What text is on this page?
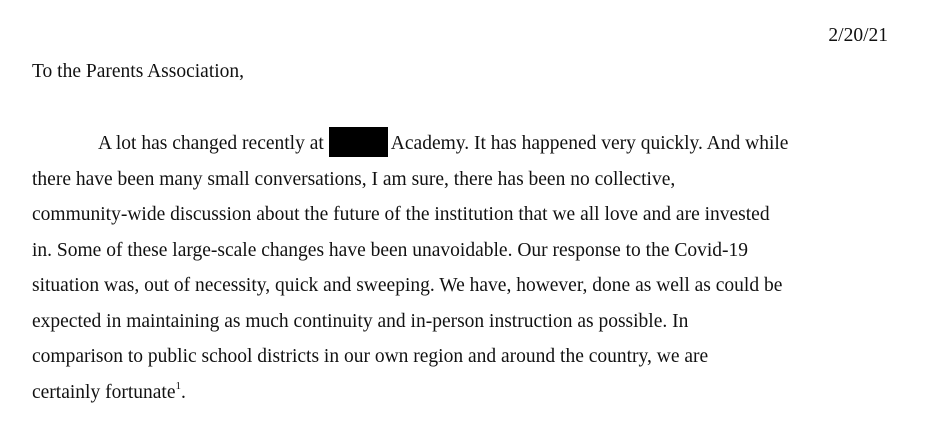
2/20/21
To the Parents Association,
A lot has changed recently at	Academy. It has happened very quickly. And while
there have been many small conversations, I am sure, there has been no collective,
community-wide discussion about the future of the institution that we all love and are invested
in. Some of these large-scale changes have been unavoidable. Our response to the Covid-19
situation was, out of necessity, quick and sweeping. We have, however, done as well as could be
expected in maintaining as much continuity and in-person instruction as possible. In
comparison to public school districts in our own region and around the country, we are
certainly fortunate$^1$.
